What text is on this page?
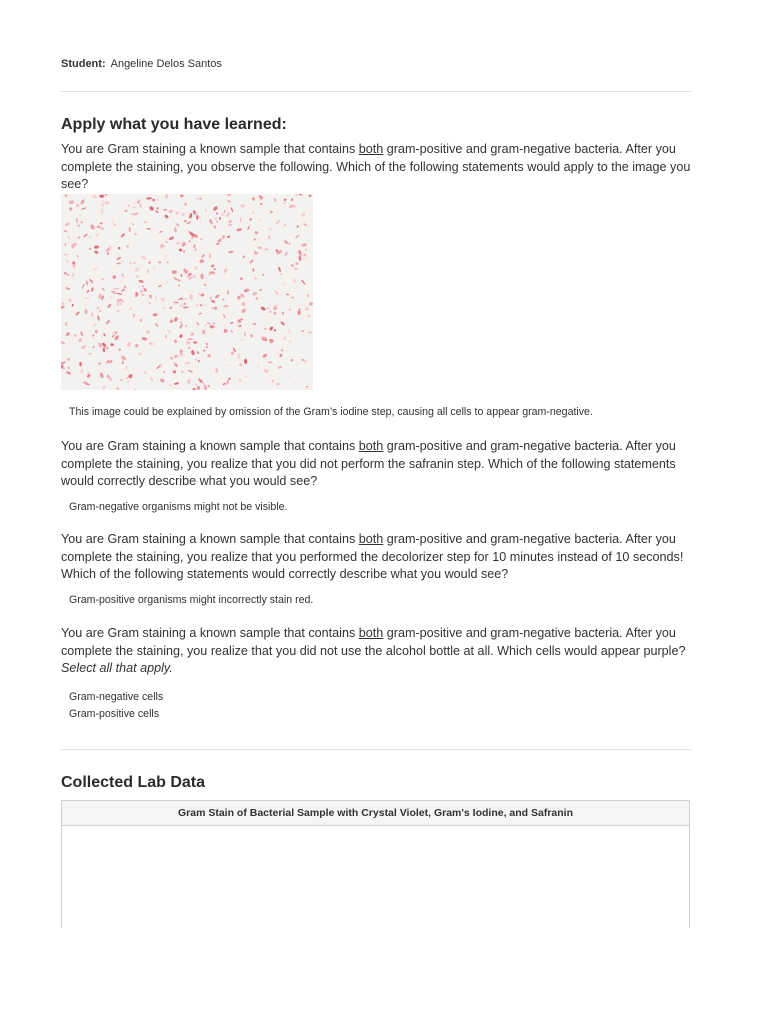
Student: Angeline Delos Santos
Apply what you have learned:
You are Gram staining a known sample that contains both gram-positive and gram-negative bacteria. After you complete the staining, you observe the following. Which of the following statements would apply to the image you see?
This image could be explained by omission of the Gram’s iodine step, causing all cells to appear gram-negative.
You are Gram staining a known sample that contains both gram-positive and gram-negative bacteria. After you complete the staining, you realize that you did not perform the safranin step. Which of the following statements would correctly describe what you would see?
Gram-negative organisms might not be visible.
You are Gram staining a known sample that contains both gram-positive and gram-negative bacteria. After you complete the staining, you realize that you performed the decolorizer step for 10 minutes instead of 10 seconds! Which of the following statements would correctly describe what you would see?
Gram-positive organisms might incorrectly stain red.
You are Gram staining a known sample that contains both gram-positive and gram-negative bacteria. After you complete the staining, you realize that you did not use the alcohol bottle at all. Which cells would appear purple? Select all that apply.
Gram-negative cells
Gram-positive cells
Collected Lab Data
Gram Stain of Bacterial Sample with Crystal Violet, Gram's Iodine, and Safranin
